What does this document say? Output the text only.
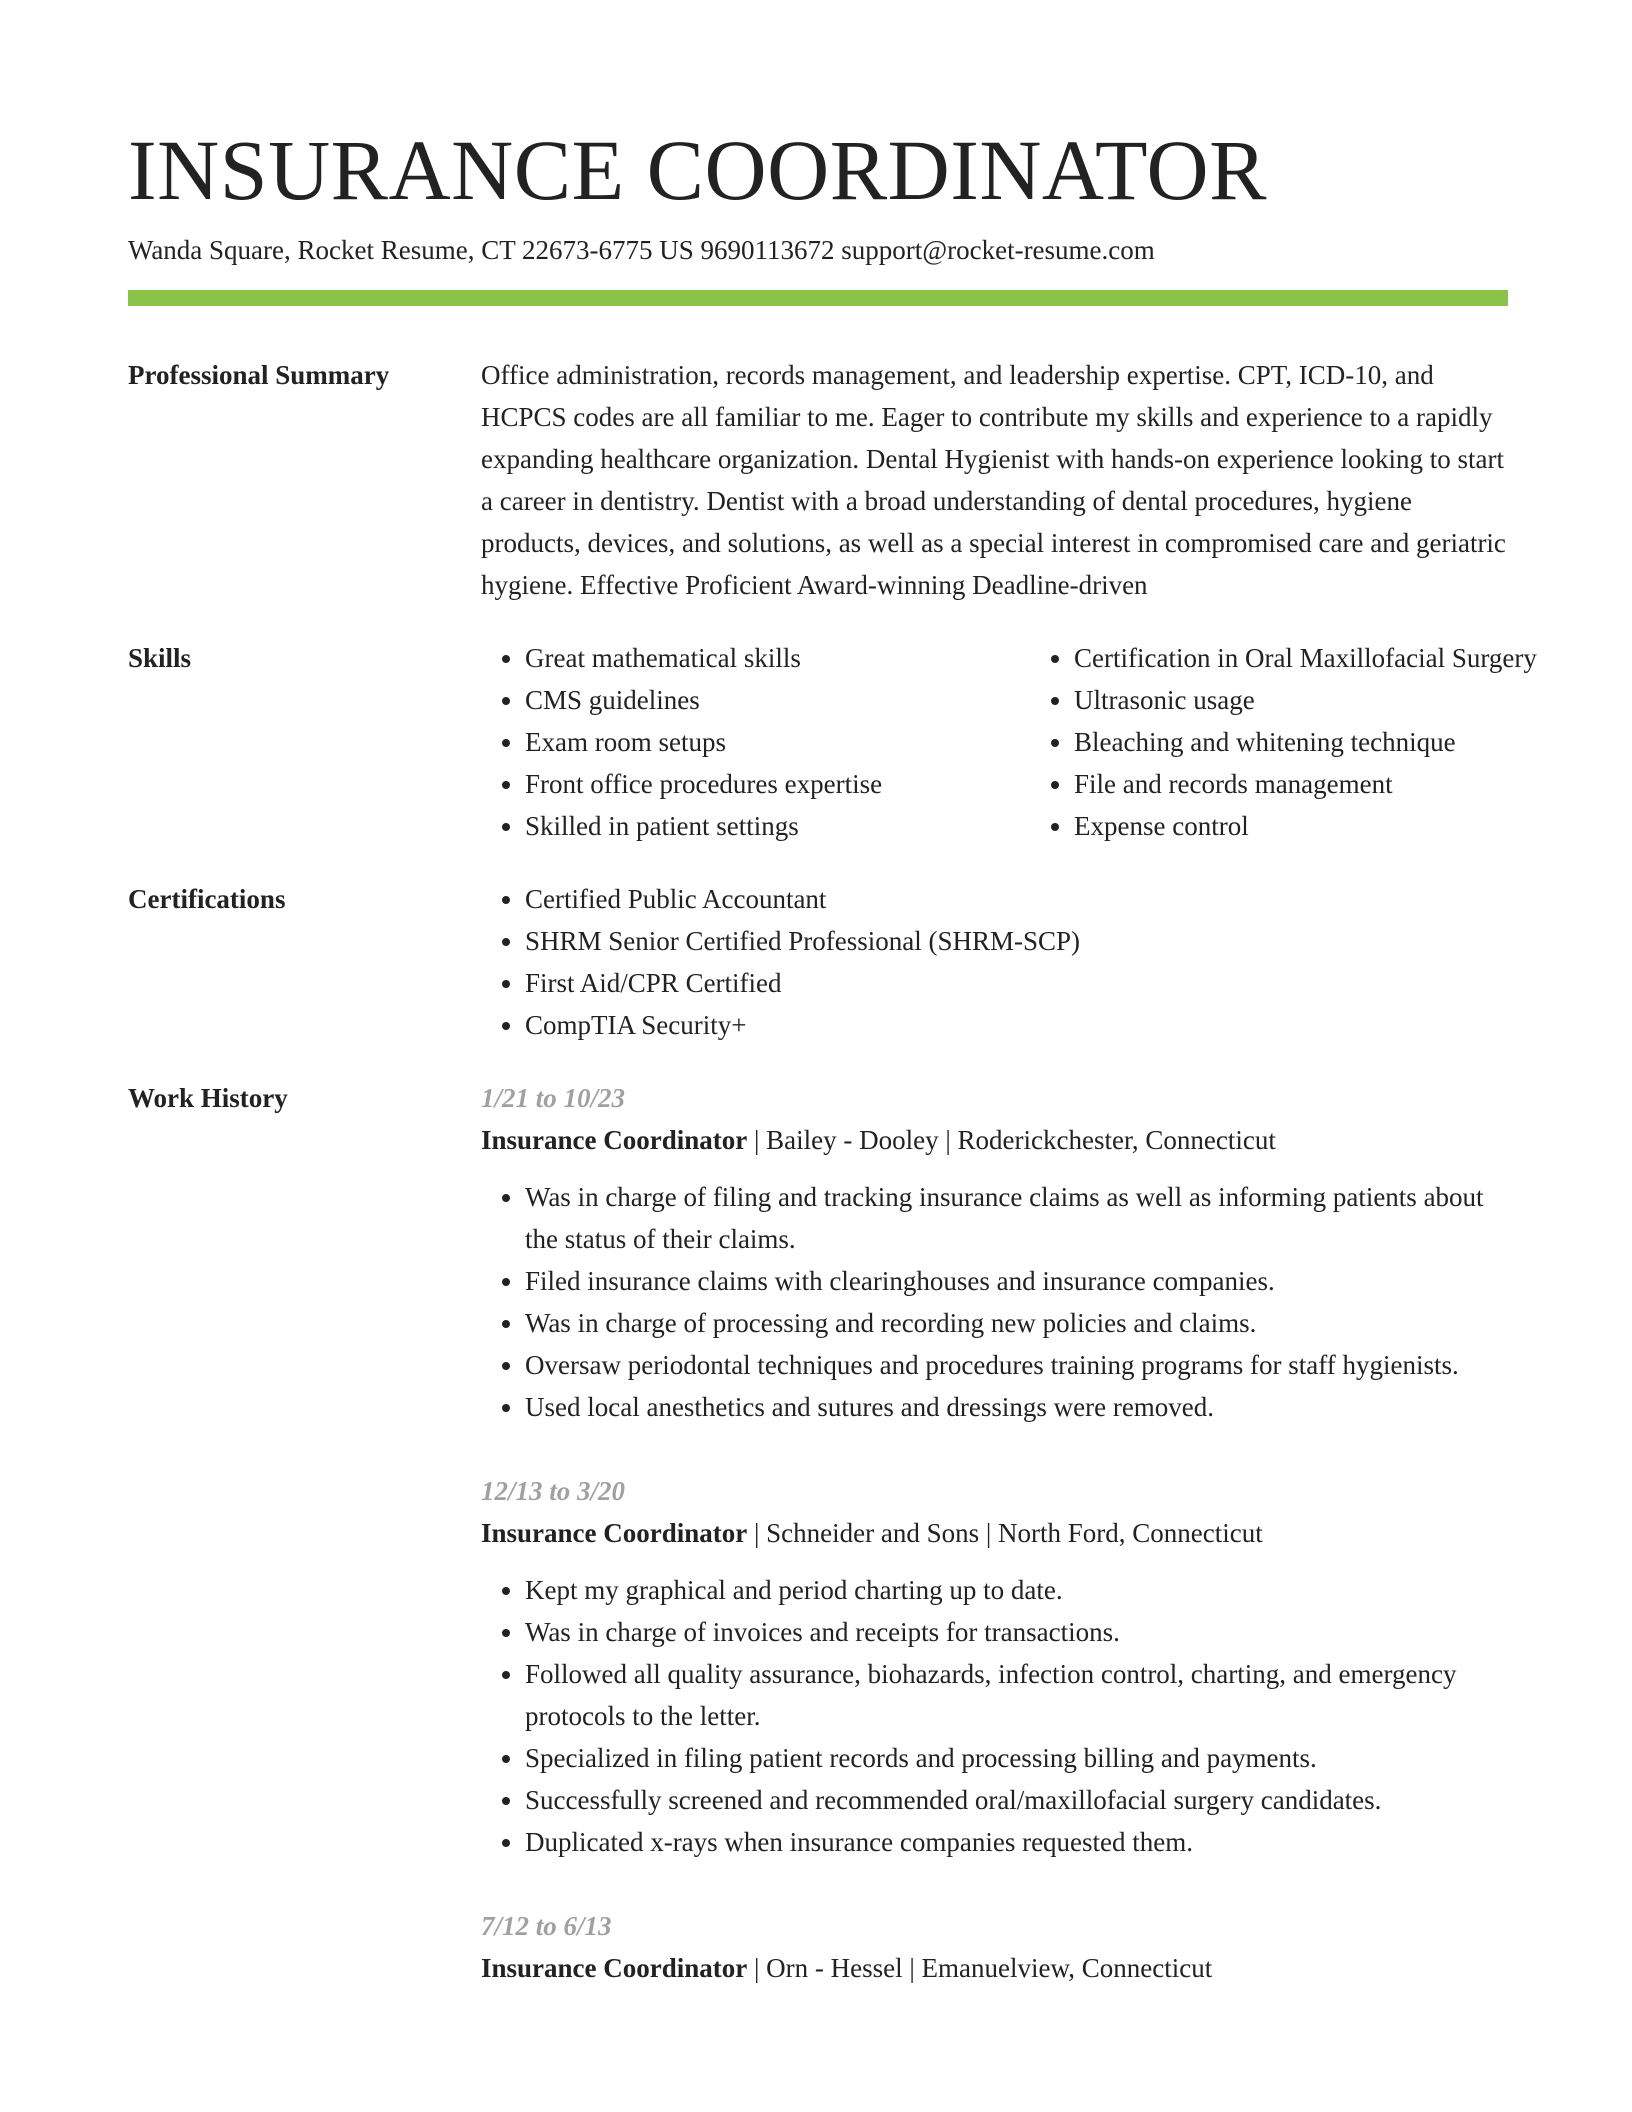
INSURANCE COORDINATOR
Wanda Square, Rocket Resume, CT 22673-6775 US 9690113672 support@rocket-resume.com
Professional Summary	Office administration, records management, and leadership expertise. CPT, ICD-10, and HCPCS codes are all familiar to me. Eager to contribute my skills and experience to a rapidly expanding healthcare organization. Dental Hygienist with hands-on experience looking to start a career in dentistry. Dentist with a broad understanding of dental procedures, hygiene products, devices, and solutions, as well as a special interest in compromised care and geriatric hygiene. Effective Proficient Award-winning Deadline-driven

Skills	• Great mathematical skills
• CMS guidelines
• Exam room setups
• Front office procedures expertise
• Skilled in patient settings
• Certification in Oral Maxillofacial Surgery
• Ultrasonic usage
• Bleaching and whitening technique
• File and records management
• Expense control
Certifications	• Certified Public Accountant
• SHRM Senior Certified Professional (SHRM-SCP)
• First Aid/CPR Certified
• CompTIA Security+
Work History	1/21 to 10/23
Insurance Coordinator | Bailey - Dooley | Roderickchester, Connecticut
• Was in charge of filing and tracking insurance claims as well as informing patients about the status of their claims.
• Filed insurance claims with clearinghouses and insurance companies.
• Was in charge of processing and recording new policies and claims.
• Oversaw periodontal techniques and procedures training programs for staff hygienists.
• Used local anesthetics and sutures and dressings were removed.
12/13 to 3/20
Insurance Coordinator | Schneider and Sons | North Ford, Connecticut
• Kept my graphical and period charting up to date.
• Was in charge of invoices and receipts for transactions.
• Followed all quality assurance, biohazards, infection control, charting, and emergency protocols to the letter.
• Specialized in filing patient records and processing billing and payments.
• Successfully screened and recommended oral/maxillofacial surgery candidates.
• Duplicated x-rays when insurance companies requested them.
7/12 to 6/13
Insurance Coordinator | Orn - Hessel | Emanuelview, Connecticut
